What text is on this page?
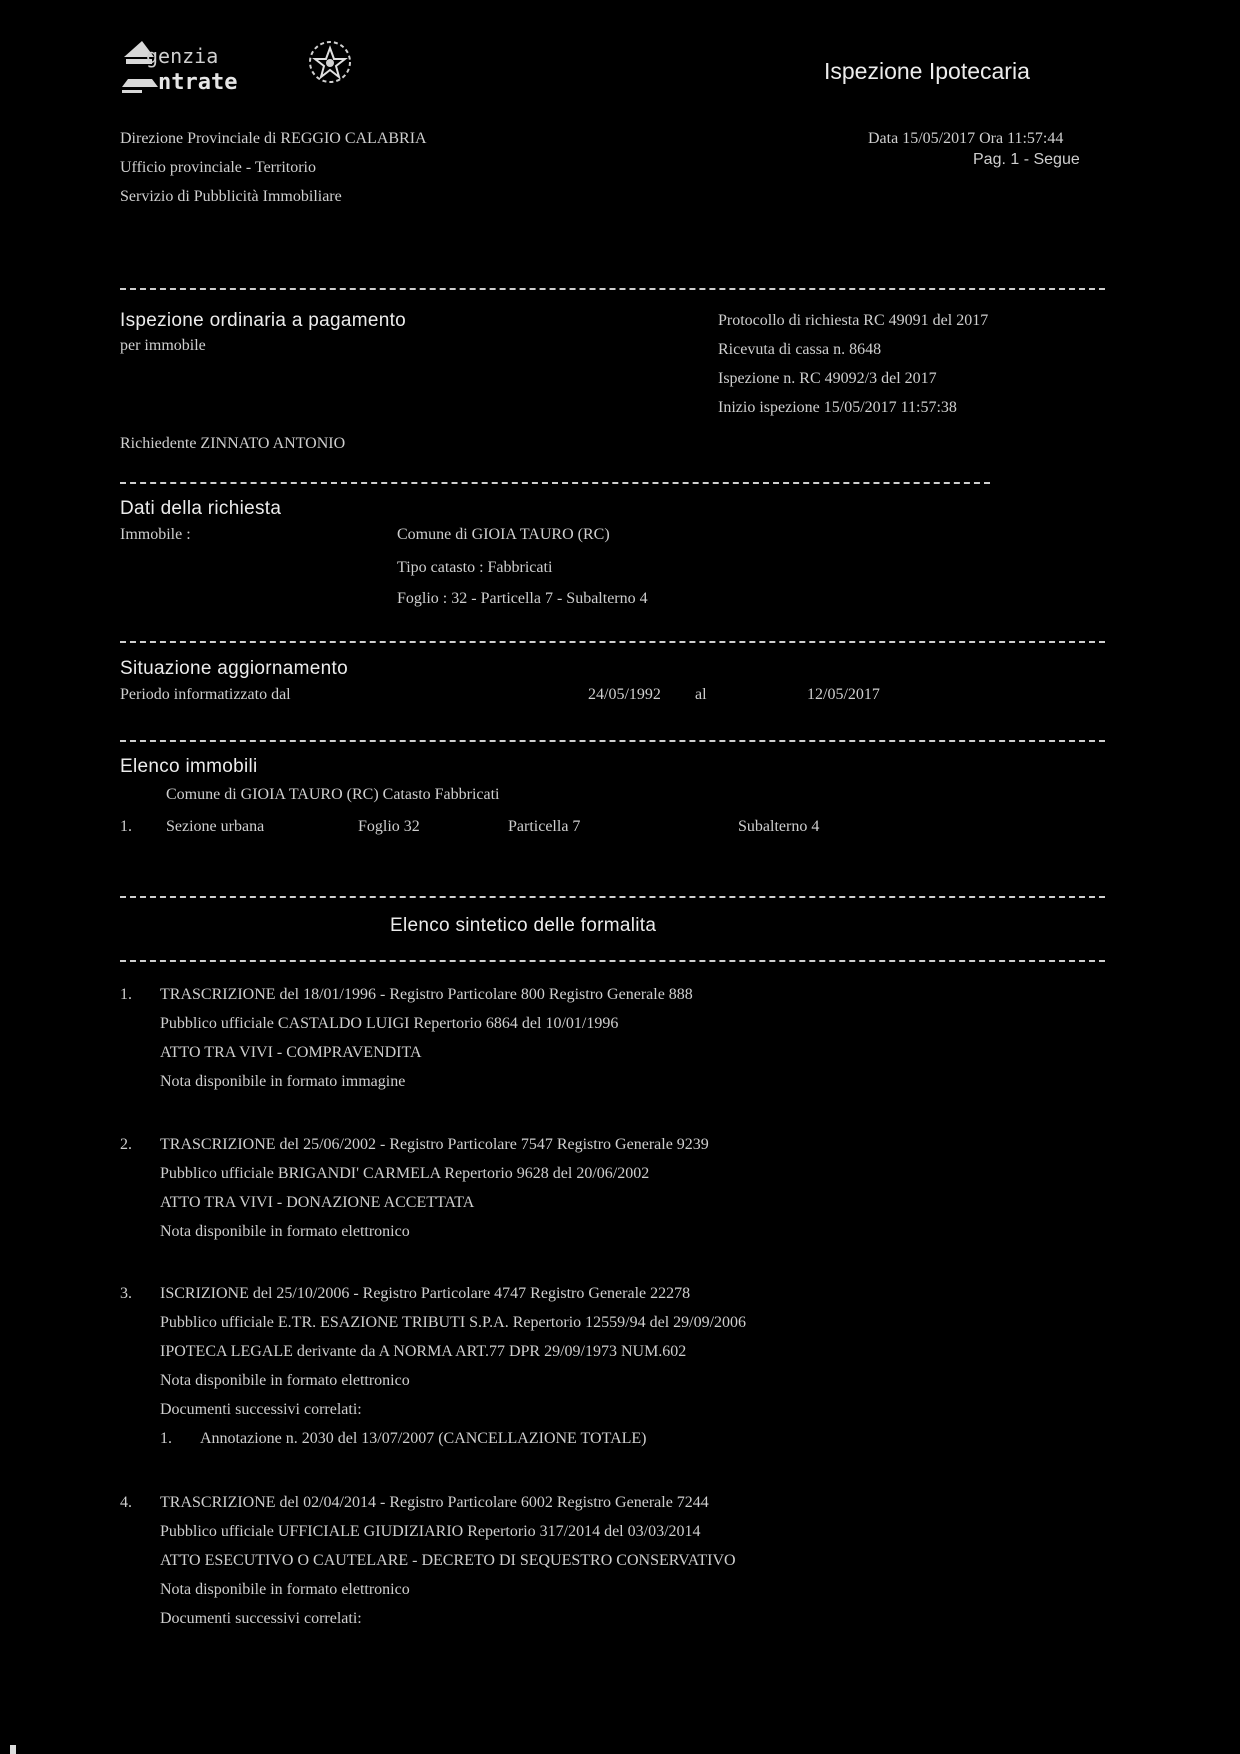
genzia
ntrate	Ispezione Ipotecaria
Direzione Provinciale di REGGIO CALABRIA
Ufficio provinciale - Territorio
Servizio di Pubblicità Immobiliare
Data 15/05/2017 Ora 11:57:44
Pag. 1 - Segue
Ispezione ordinaria a pagamento
per immobile
Richiedente ZINNATO ANTONIO
Protocollo di richiesta RC 49091 del 2017
Ricevuta di cassa n. 8648
Ispezione n. RC 49092/3 del 2017
Inizio ispezione 15/05/2017 11:57:38
Dati della richiesta
Immobile :	Comune di GIOIA TAURO (RC)
Tipo catasto : Fabbricati
Foglio : 32 - Particella 7 - Subalterno 4
Situazione aggiornamento
Periodo informatizzato dal	24/05/1992 al	12/05/2017
Elenco immobili
Comune di GIOIA TAURO (RC) Catasto Fabbricati
1. Sezione urbana	Foglio 32	Particella 7	Subalterno 4
Elenco sintetico delle formalita
1. TRASCRIZIONE del 18/01/1996 - Registro Particolare 800 Registro Generale 888
Pubblico ufficiale CASTALDO LUIGI Repertorio 6864 del 10/01/1996
ATTO TRA VIVI - COMPRAVENDITA
Nota disponibile in formato immagine
2. TRASCRIZIONE del 25/06/2002 - Registro Particolare 7547 Registro Generale 9239
Pubblico ufficiale BRIGANDI' CARMELA Repertorio 9628 del 20/06/2002
ATTO TRA VIVI - DONAZIONE ACCETTATA
Nota disponibile in formato elettronico
3. ISCRIZIONE del 25/10/2006 - Registro Particolare 4747 Registro Generale 22278
Pubblico ufficiale E.TR. ESAZIONE TRIBUTI S.P.A. Repertorio 12559/94 del 29/09/2006
IPOTECA LEGALE derivante da A NORMA ART.77 DPR 29/09/1973 NUM.602
Nota disponibile in formato elettronico
Documenti successivi correlati:
1. Annotazione n. 2030 del 13/07/2007 (CANCELLAZIONE TOTALE)
4. TRASCRIZIONE del 02/04/2014 - Registro Particolare 6002 Registro Generale 7244
Pubblico ufficiale UFFICIALE GIUDIZIARIO Repertorio 317/2014 del 03/03/2014
ATTO ESECUTIVO O CAUTELARE - DECRETO DI SEQUESTRO CONSERVATIVO
Nota disponibile in formato elettronico
Documenti successivi correlati:
